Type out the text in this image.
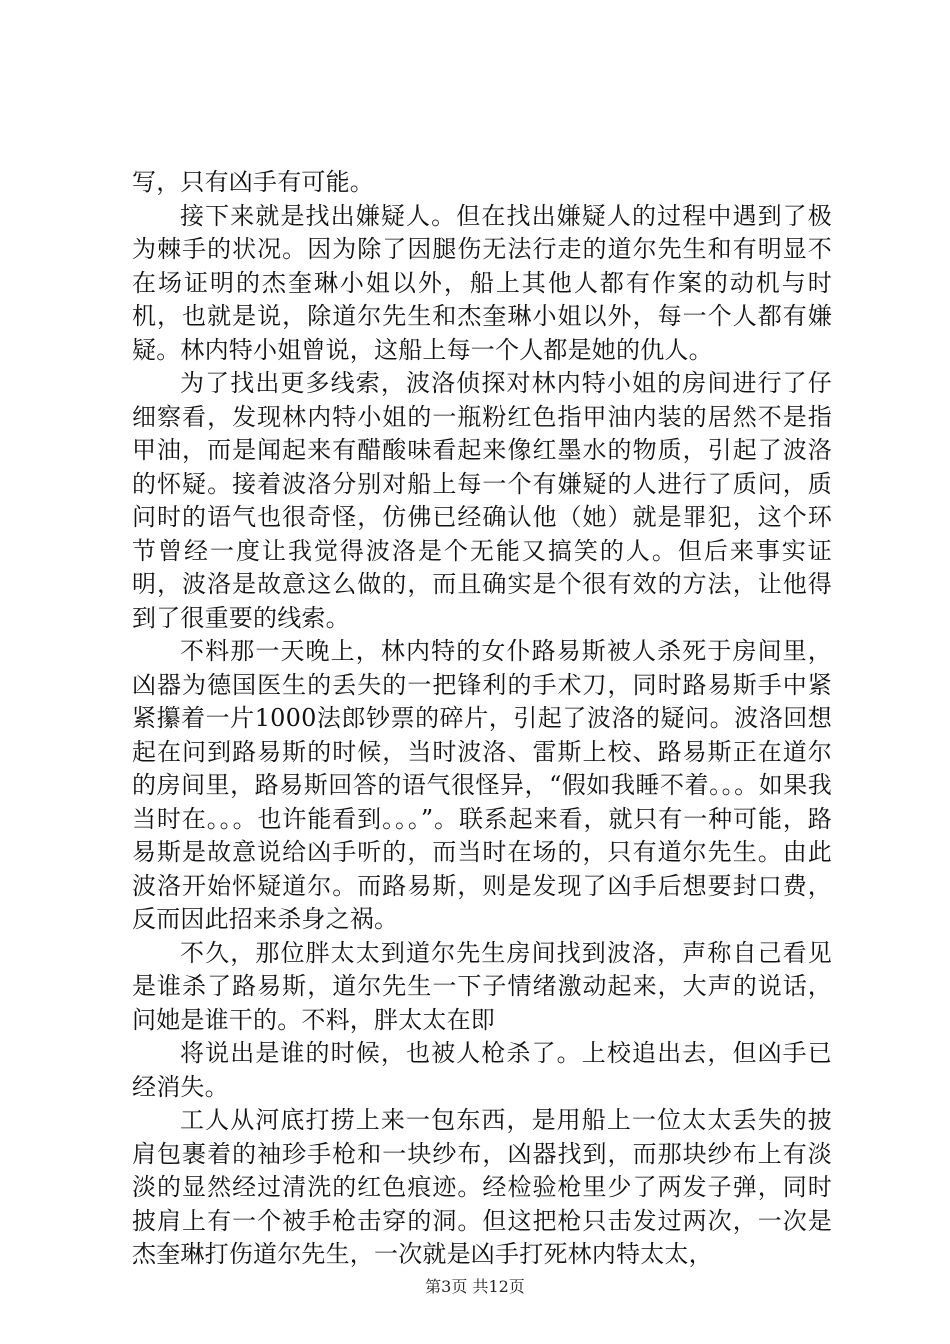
写，只有凶手有可能。

接下来就是找出嫌疑人。但在找出嫌疑人的过程中遇到了极为棘手的状况。因为除了因腿伤无法行走的道尔先生和有明显不在场证明的杰奎琳小姐以外，船上其他人都有作案的动机与时机，也就是说，除道尔先生和杰奎琳小姐以外，每一个人都有嫌疑。林内特小姐曾说，这船上每一个人都是她的仇人。

为了找出更多线索，波洛侦探对林内特小姐的房间进行了仔细察看，发现林内特小姐的一瓶粉红色指甲油内装的居然不是指甲油，而是闻起来有醋酸味看起来像红墨水的物质，引起了波洛的怀疑。接着波洛分别对船上每一个有嫌疑的人进行了质问，质问时的语气也很奇怪，仿佛已经确认他（她）就是罪犯，这个环节曾经一度让我觉得波洛是个无能又搞笑的人。但后来事实证明，波洛是故意这么做的，而且确实是个很有效的方法，让他得到了很重要的线索。

不料那一天晚上，林内特的女仆路易斯被人杀死于房间里，凶器为德国医生的丢失的一把锋利的手术刀，同时路易斯手中紧紧攥着一片1000法郎钞票的碎片，引起了波洛的疑问。波洛回想起在问到路易斯的时候，当时波洛、雷斯上校、路易斯正在道尔的房间里，路易斯回答的语气很怪异，“假如我睡不着。。。如果我当时在。。。也许能看到。。。”。联系起来看，就只有一种可能，路易斯是故意说给凶手听的，而当时在场的，只有道尔先生。由此波洛开始怀疑道尔。而路易斯，则是发现了凶手后想要封口费，反而因此招来杀身之祸。

不久，那位胖太太到道尔先生房间找到波洛，声称自己看见是谁杀了路易斯，道尔先生一下子情绪激动起来，大声的说话，问她是谁干的。不料，胖太太在即

将说出是谁的时候，也被人枪杀了。上校追出去，但凶手已经消失。

工人从河底打捞上来一包东西，是用船上一位太太丢失的披肩包裹着的袖珍手枪和一块纱布，凶器找到，而那块纱布上有淡淡的显然经过清洗的红色痕迹。经检验枪里少了两发子弹，同时披肩上有一个被手枪击穿的洞。但这把枪只击发过两次，一次是杰奎琳打伤道尔先生，一次就是凶手打死林内特太太，

第3页 共12页
